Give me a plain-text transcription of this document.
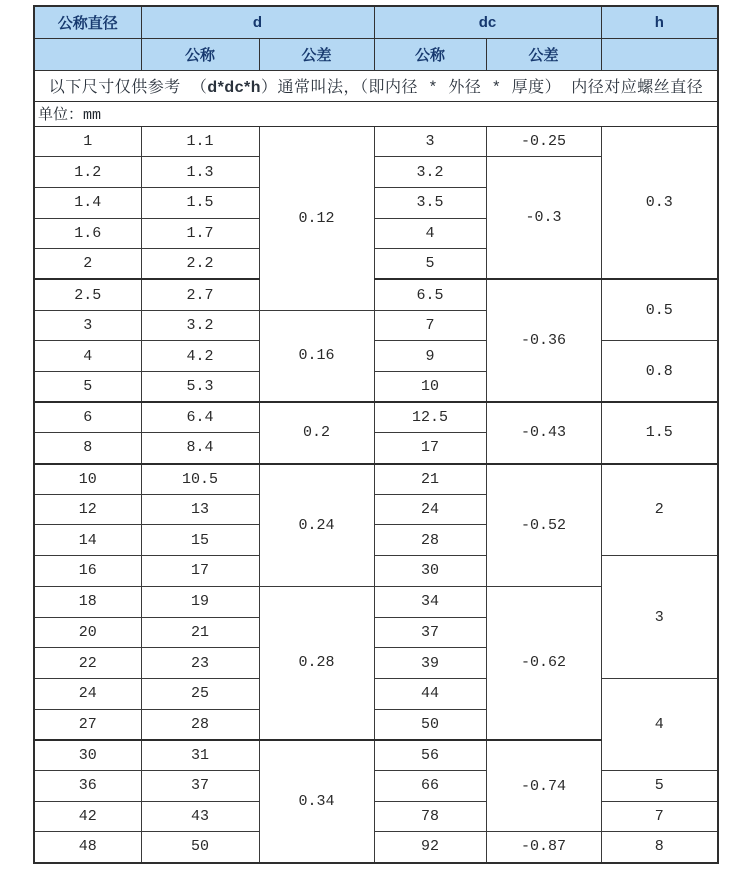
以下尺寸仅供参考 （d*dc*h）通常叫法，（即内径 * 外径 * 厚度） 内径对应螺丝直径					
单位：mm					
公称直径	d		dc		h
	公称	公差	公称	公差	
1	1.1	0.12	3	-0.25	0.3
1.2	1.3		3.2	-0.3	
1.4	1.5		3.5		
1.6	1.7		4		
2	2.2		5		
2.5	2.7		6.5	-0.36	0.5
3	3.2	0.16	7		
4	4.2		9		0.8
5	5.3		10		
6	6.4	0.2	12.5	-0.43	1.5
8	8.4		17		
10	10.5	0.24	21	-0.52	2
12	13		24		
14	15		28		
16	17		30		3
18	19	0.28	34	-0.62	
20	21		37		
22	23		39		
24	25		44		4
27	28		50		
30	31	0.34	56	-0.74	
36	37		66		5
42	43		78		7
48	50		92	-0.87	8
